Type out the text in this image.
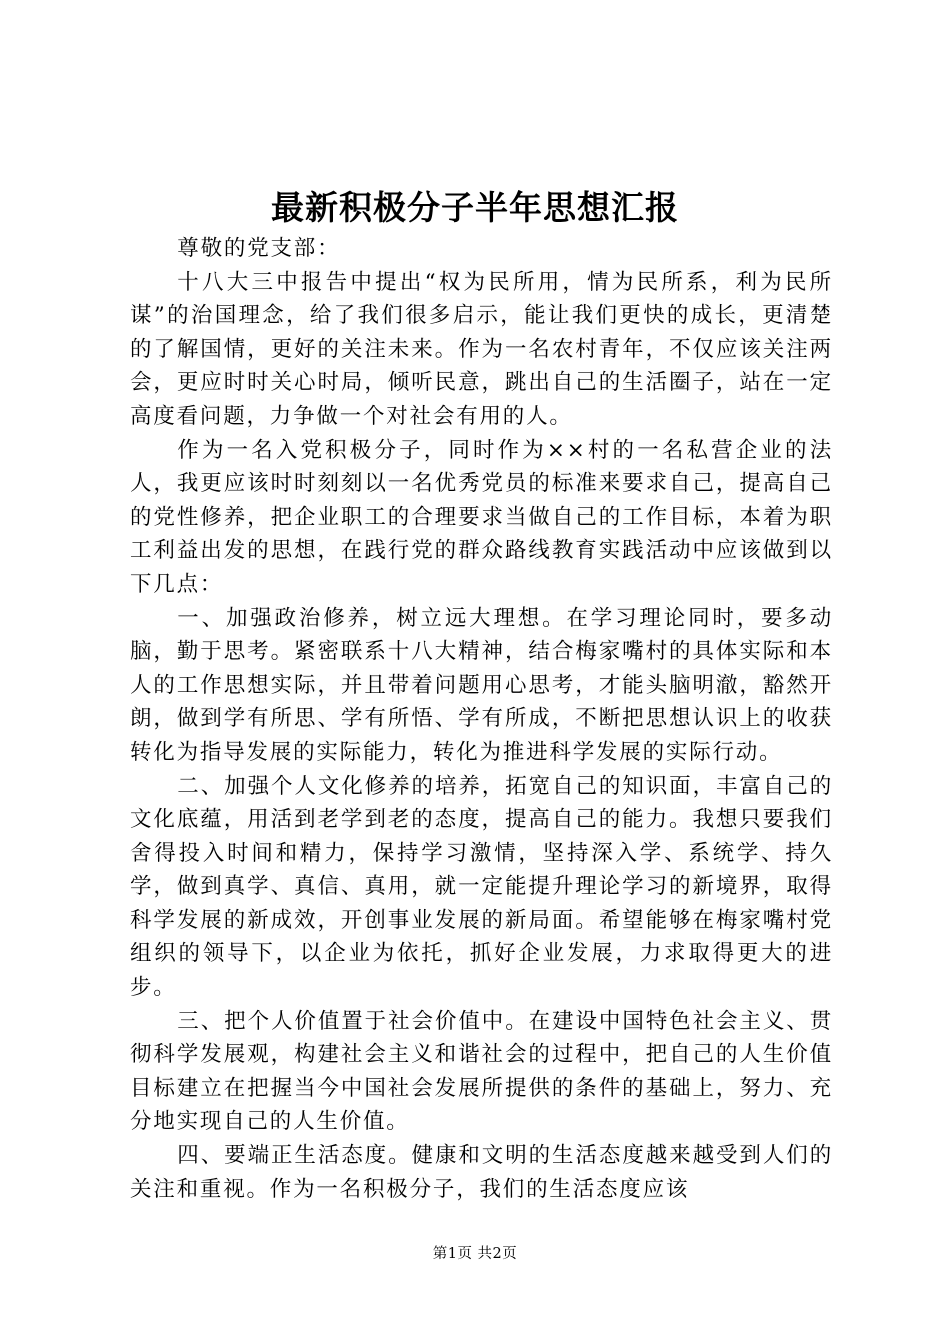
最新积极分子半年思想汇报

尊敬的党支部：

十八大三中报告中提出“权为民所用，情为民所系，利为民所谋”的治国理念，给了我们很多启示，能让我们更快的成长，更清楚的了解国情，更好的关注未来。作为一名农村青年，不仅应该关注两会，更应时时关心时局，倾听民意，跳出自己的生活圈子，站在一定高度看问题，力争做一个对社会有用的人。

作为一名入党积极分子，同时作为××村的一名私营企业的法人，我更应该时时刻刻以一名优秀党员的标准来要求自己，提高自己的党性修养，把企业职工的合理要求当做自己的工作目标，本着为职工利益出发的思想，在践行党的群众路线教育实践活动中应该做到以下几点：

一、加强政治修养，树立远大理想。在学习理论同时，要多动脑，勤于思考。紧密联系十八大精神，结合梅家嘴村的具体实际和本人的工作思想实际，并且带着问题用心思考，才能头脑明澈，豁然开朗，做到学有所思、学有所悟、学有所成，不断把思想认识上的收获转化为指导发展的实际能力，转化为推进科学发展的实际行动。

二、加强个人文化修养的培养，拓宽自己的知识面，丰富自己的文化底蕴，用活到老学到老的态度，提高自己的能力。我想只要我们舍得投入时间和精力，保持学习激情，坚持深入学、系统学、持久学，做到真学、真信、真用，就一定能提升理论学习的新境界，取得科学发展的新成效，开创事业发展的新局面。希望能够在梅家嘴村党组织的领导下，以企业为依托，抓好企业发展，力求取得更大的进步。

三、把个人价值置于社会价值中。在建设中国特色社会主义、贯彻科学发展观，构建社会主义和谐社会的过程中，把自己的人生价值目标建立在把握当今中国社会发展所提供的条件的基础上，努力、充分地实现自己的人生价值。

四、要端正生活态度。健康和文明的生活态度越来越受到人们的关注和重视。作为一名积极分子，我们的生活态度应该

第1页 共2页
